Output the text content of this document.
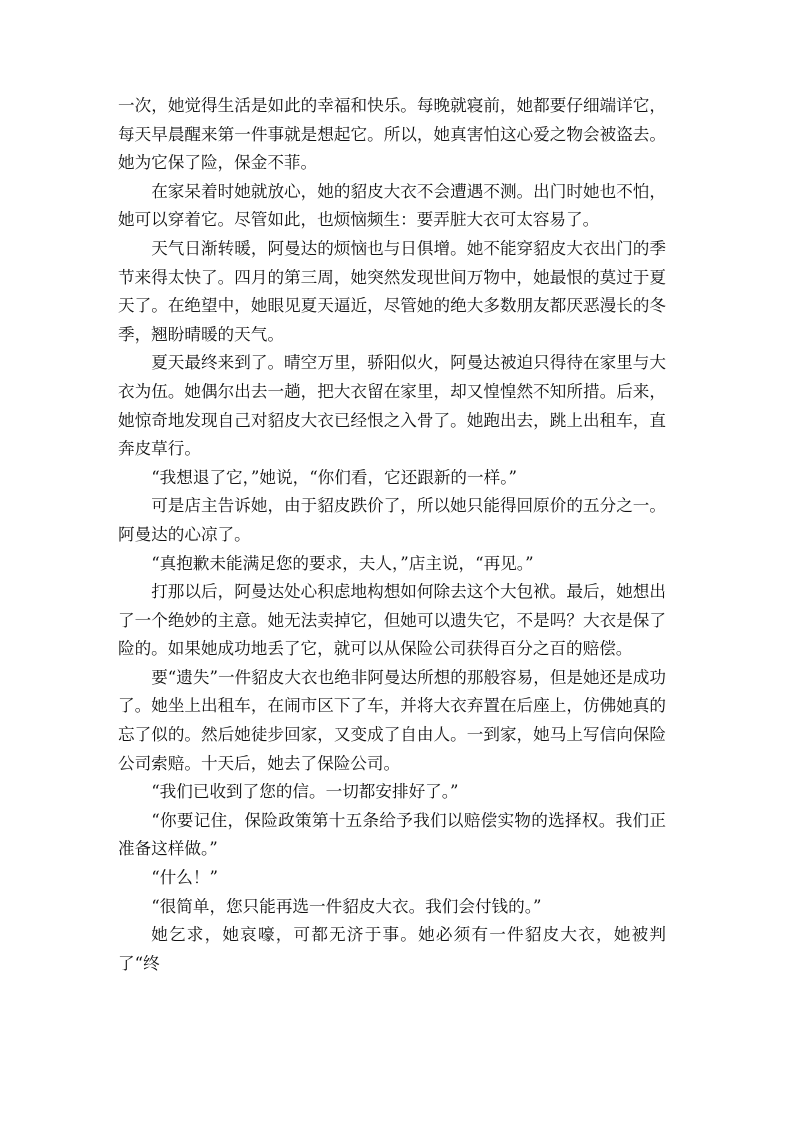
一次，她觉得生活是如此的幸福和快乐。每晚就寝前，她都要仔细端详它，每天早晨醒来第一件事就是想起它。所以，她真害怕这心爱之物会被盗去。她为它保了险，保金不菲。

在家呆着时她就放心，她的貂皮大衣不会遭遇不测。出门时她也不怕，她可以穿着它。尽管如此，也烦恼频生：要弄脏大衣可太容易了。

天气日渐转暖，阿曼达的烦恼也与日俱增。她不能穿貂皮大衣出门的季节来得太快了。四月的第三周，她突然发现世间万物中，她最恨的莫过于夏天了。在绝望中，她眼见夏天逼近，尽管她的绝大多数朋友都厌恶漫长的冬季，翘盼晴暖的天气。

夏天最终来到了。晴空万里，骄阳似火，阿曼达被迫只得待在家里与大衣为伍。她偶尔出去一趟，把大衣留在家里，却又惶惶然不知所措。后来，她惊奇地发现自己对貂皮大衣已经恨之入骨了。她跑出去，跳上出租车，直奔皮草行。

“我想退了它，”她说，“你们看，它还跟新的一样。”

可是店主告诉她，由于貂皮跌价了，所以她只能得回原价的五分之一。阿曼达的心凉了。

“真抱歉未能满足您的要求，夫人，”店主说，“再见。”

打那以后，阿曼达处心积虑地构想如何除去这个大包袱。最后，她想出了一个绝妙的主意。她无法卖掉它，但她可以遗失它，不是吗？大衣是保了险的。如果她成功地丢了它，就可以从保险公司获得百分之百的赔偿。

要“遗失”一件貂皮大衣也绝非阿曼达所想的那般容易，但是她还是成功了。她坐上出租车，在闹市区下了车，并将大衣弃置在后座上，仿佛她真的忘了似的。然后她徒步回家，又变成了自由人。一到家，她马上写信向保险公司索赔。十天后，她去了保险公司。

“我们已收到了您的信。一切都安排好了。”

“你要记住，保险政策第十五条给予我们以赔偿实物的选择权。我们正准备这样做。”

“什么！”

“很简单，您只能再选一件貂皮大衣。我们会付钱的。”

她乞求，她哀嚎，可都无济于事。她必须有一件貂皮大衣，她被判了“终
